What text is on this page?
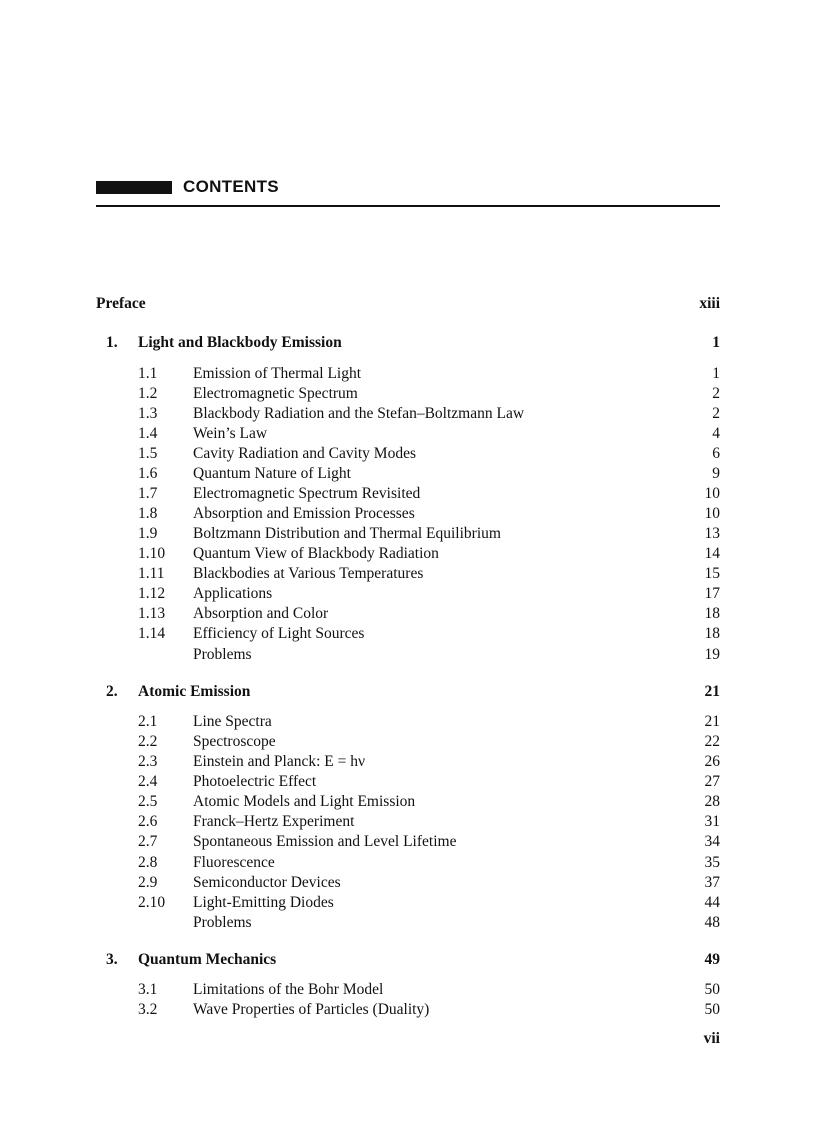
CONTENTS
Preface	xiii
1. Light and Blackbody Emission	1
1.1 Emission of Thermal Light	1
1.2 Electromagnetic Spectrum	2
1.3 Blackbody Radiation and the Stefan–Boltzmann Law	2
1.4 Wein’s Law	4
1.5 Cavity Radiation and Cavity Modes	6
1.6 Quantum Nature of Light	9
1.7 Electromagnetic Spectrum Revisited	10
1.8 Absorption and Emission Processes	10
1.9 Boltzmann Distribution and Thermal Equilibrium	13
1.10 Quantum View of Blackbody Radiation	14
1.11 Blackbodies at Various Temperatures	15
1.12 Applications	17
1.13 Absorption and Color	18
1.14 Efficiency of Light Sources	18
Problems	19
2. Atomic Emission	21
2.1 Line Spectra	21
2.2 Spectroscope	22
2.3 Einstein and Planck: E = hν	26
2.4 Photoelectric Effect	27
2.5 Atomic Models and Light Emission	28
2.6 Franck–Hertz Experiment	31
2.7 Spontaneous Emission and Level Lifetime	34
2.8 Fluorescence	35
2.9 Semiconductor Devices	37
2.10 Light-Emitting Diodes	44
Problems	48
3. Quantum Mechanics	49
3.1 Limitations of the Bohr Model	50
3.2 Wave Properties of Particles (Duality)	50
vii
